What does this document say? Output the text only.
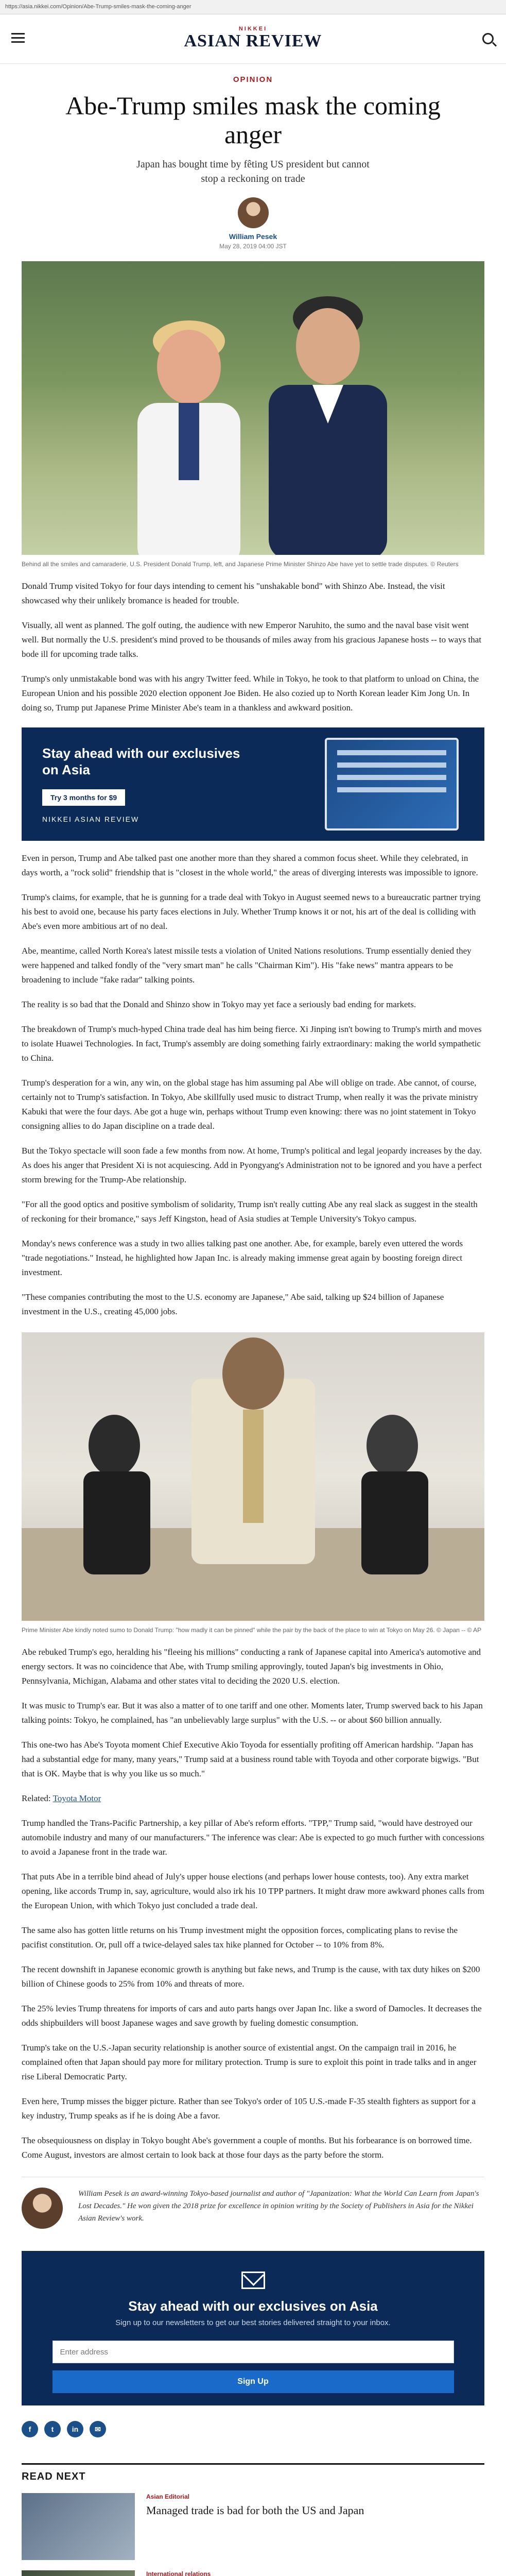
https://asia.nikkei.com/Opinion/Abe-Trump-smiles-mask-the-coming-anger
NIKKEI
ASIAN REVIEW
OPINION
Abe-Trump smiles mask the coming anger
Japan has bought time by fêting US president but cannot stop a reckoning on trade
William Pesek
May 28, 2019 04:00 JST
Behind all the smiles and camaraderie, U.S. President Donald Trump, left, and Japanese Prime Minister Shinzo Abe have yet to settle trade disputes. © Reuters

Donald Trump visited Tokyo for four days intending to cement his "unshakable bond" with Shinzo Abe. Instead, the visit showcased why their unlikely bromance is headed for trouble.

Visually, all went as planned. The golf outing, the audience with new Emperor Naruhito, the sumo and the naval base visit went well. But normally the U.S. president's mind proved to be thousands of miles away from his gracious Japanese hosts -- to ways that bode ill for upcoming trade talks.

Trump's only unmistakable bond was with his angry Twitter feed. While in Tokyo, he took to that platform to unload on China, the European Union and his possible 2020 election opponent Joe Biden. He also cozied up to North Korean leader Kim Jong Un. In doing so, Trump put Japanese Prime Minister Abe's team in a thankless and awkward position.

Stay ahead with our exclusives on Asia
Try 3 months for $9
NIKKEI ASIAN REVIEW

Even in person, Trump and Abe talked past one another more than they shared a common focus sheet. While they celebrated, in days worth, a "rock solid" friendship that is "closest in the whole world," the areas of diverging interests was impossible to ignore.

Trump's claims, for example, that he is gunning for a trade deal with Tokyo in August seemed news to a bureaucratic partner trying his best to avoid one, because his party faces elections in July. Whether Trump knows it or not, his art of the deal is colliding with Abe's even more ambitious art of no deal.

Abe, meantime, called North Korea's latest missile tests a violation of United Nations resolutions. Trump essentially denied they were happened and talked fondly of the "very smart man" he calls "Chairman Kim"). His "fake news" mantra appears to be broadening to include "fake radar" talking points.

The reality is so bad that the Donald and Shinzo show in Tokyo may yet face a seriously bad ending for markets.

The breakdown of Trump's much-hyped China trade deal has him being fierce. Xi Jinping isn't bowing to Trump's mirth and moves to isolate Huawei Technologies. In fact, Trump's assembly are doing something fairly extraordinary: making the world sympathetic to China.

Trump's desperation for a win, any win, on the global stage has him assuming pal Abe will oblige on trade. Abe cannot, of course, certainly not to Trump's satisfaction. In Tokyo, Abe skillfully used music to distract Trump, when really it was the private ministry Kabuki that were the four days. Abe got a huge win, perhaps without Trump even knowing: there was no joint statement in Tokyo consigning allies to do Japan discipline on a trade deal.

But the Tokyo spectacle will soon fade a few months from now. At home, Trump's political and legal jeopardy increases by the day. As does his anger that President Xi is not acquiescing. Add in Pyongyang's Administration not to be ignored and you have a perfect storm brewing for the Trump-Abe relationship.

"For all the good optics and positive symbolism of solidarity, Trump isn't really cutting Abe any real slack as suggest in the stealth of reckoning for their bromance," says Jeff Kingston, head of Asia studies at Temple University's Tokyo campus.

Monday's news conference was a study in two allies talking past one another. Abe, for example, barely even uttered the words "trade negotiations." Instead, he highlighted how Japan Inc. is already making immense great again by boosting foreign direct investment.

"These companies contributing the most to the U.S. economy are Japanese," Abe said, talking up $24 billion of Japanese investment in the U.S., creating 45,000 jobs.

Prime Minister Abe kindly noted sumo to Donald Trump: "how madly it can be pinned" while the pair by the back of the place to win at Tokyo on May 26. © Japan -- © AP

Abe rebuked Trump's ego, heralding his "fleeing his millions" conducting a rank of Japanese capital into America's automotive and energy sectors. It was no coincidence that Abe, with Trump smiling approvingly, touted Japan's big investments in Ohio, Pennsylvania, Michigan, Alabama and other states vital to deciding the 2020 U.S. election.

It was music to Trump's ear. But it was also a matter of to one tariff and one other. Moments later, Trump swerved back to his Japan talking points: Tokyo, he complained, has "an unbelievably large surplus" with the U.S. -- or about $60 billion annually.

This one-two has Abe's Toyota moment Chief Executive Akio Toyoda for essentially profiting off American hardship. "Japan has had a substantial edge for many, many years," Trump said at a business round table with Toyoda and other corporate bigwigs. "But that is OK. Maybe that is why you like us so much."

Related: Toyota Motor

Trump handled the Trans-Pacific Partnership, a key pillar of Abe's reform efforts. "TPP," Trump said, "would have destroyed our automobile industry and many of our manufacturers." The inference was clear: Abe is expected to go much further with concessions to avoid a Japanese front in the trade war.

That puts Abe in a terrible bind ahead of July's upper house elections (and perhaps lower house contests, too). Any extra market opening, like accords Trump in, say, agriculture, would also irk his 10 TPP partners. It might draw more awkward phones calls from the European Union, with which Tokyo just concluded a trade deal.

The same also has gotten little returns on his Trump investment might the opposition forces, complicating plans to revise the pacifist constitution. Or, pull off a twice-delayed sales tax hike planned for October -- to 10% from 8%.

The recent downshift in Japanese economic growth is anything but fake news, and Trump is the cause, with tax duty hikes on $200 billion of Chinese goods to 25% from 10% and threats of more.

The 25% levies Trump threatens for imports of cars and auto parts hangs over Japan Inc. like a sword of Damocles. It decreases the odds shipbuilders will boost Japanese wages and save growth by fueling domestic consumption.

Trump's take on the U.S.-Japan security relationship is another source of existential angst. On the campaign trail in 2016, he complained often that Japan should pay more for military protection. Trump is sure to exploit this point in trade talks and in anger rise Liberal Democratic Party.

Even here, Trump misses the bigger picture. Rather than see Tokyo's order of 105 U.S.-made F-35 stealth fighters as support for a key industry, Trump speaks as if he is doing Abe a favor.

The obsequiousness on display in Tokyo bought Abe's government a couple of months. But his forbearance is on borrowed time. Come August, investors are almost certain to look back at those four days as the party before the storm.

William Pesek is an award-winning Tokyo-based journalist and author of "Japanization: What the World Can Learn from Japan's Lost Decades." He won given the 2018 prize for excellence in opinion writing by the Society of Publishers in Asia for the Nikkei Asian Review's work.
Stay ahead with our exclusives on Asia
Sign up to our newsletters to get our best stories delivered straight to your inbox.
Enter address
Sign Up
f	t	in	✉
READ NEXT
Asian Editorial
Managed trade is bad for both the US and Japan
International relations
